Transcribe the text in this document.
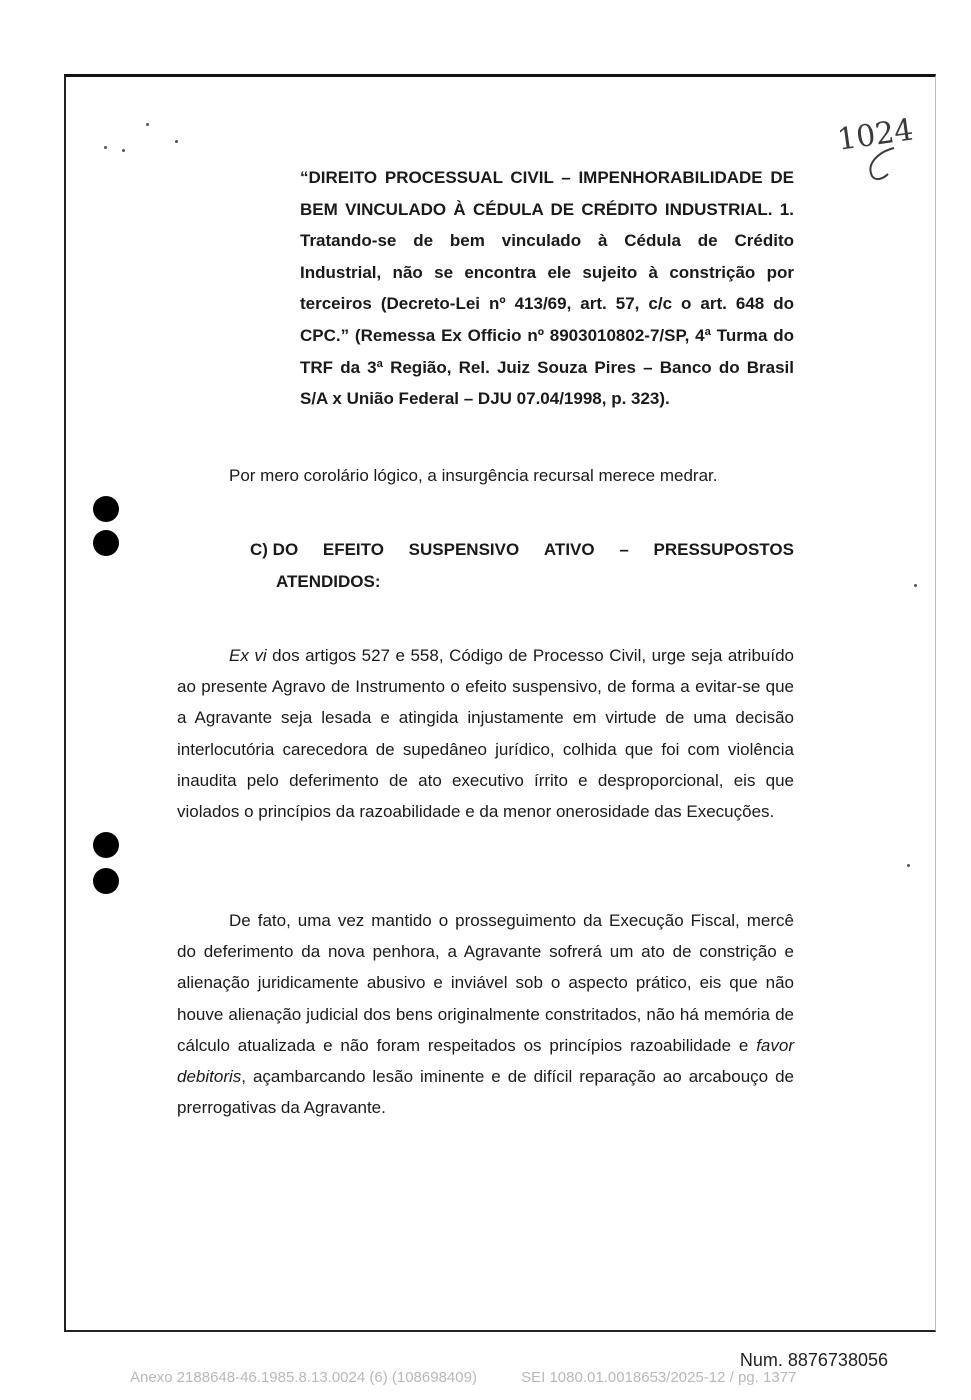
1024

“DIREITO PROCESSUAL CIVIL – IMPENHORABILIDADE DE BEM VINCULADO À CÉDULA DE CRÉDITO INDUSTRIAL. 1. Tratando-se de bem vinculado à Cédula de Crédito Industrial, não se encontra ele sujeito à constrição por terceiros (Decreto-Lei nº 413/69, art. 57, c/c o art. 648 do CPC.” (Remessa Ex Officio nº 8903010802-7/SP, 4ª Turma do TRF da 3ª Região, Rel. Juiz Souza Pires – Banco do Brasil S/A x União Federal – DJU 07.04/1998, p. 323).

Por mero corolário lógico, a insurgência recursal merece medrar.

C) DO EFEITO SUSPENSIVO ATIVO – PRESSUPOSTOS
ATENDIDOS:

Ex vi dos artigos 527 e 558, Código de Processo Civil, urge seja atribuído ao presente Agravo de Instrumento o efeito suspensivo, de forma a evitar-se que a Agravante seja lesada e atingida injustamente em virtude de uma decisão interlocutória carecedora de supedâneo jurídico, colhida que foi com violência inaudita pelo deferimento de ato executivo írrito e desproporcional, eis que violados o princípios da razoabilidade e da menor onerosidade das Execuções.

De fato, uma vez mantido o prosseguimento da Execução Fiscal, mercê do deferimento da nova penhora, a Agravante sofrerá um ato de constrição e alienação juridicamente abusivo e inviável sob o aspecto prático, eis que não houve alienação judicial dos bens originalmente constritados, não há memória de cálculo atualizada e não foram respeitados os princípios razoabilidade e favor debitoris, açambarcando lesão iminente e de difícil reparação ao arcabouço de prerrogativas da Agravante.

Num. 8876738056
Anexo 2188648-46.1985.8.13.0024 (6) (108698409)	SEI 1080.01.0018653/2025-12 / pg. 1377
